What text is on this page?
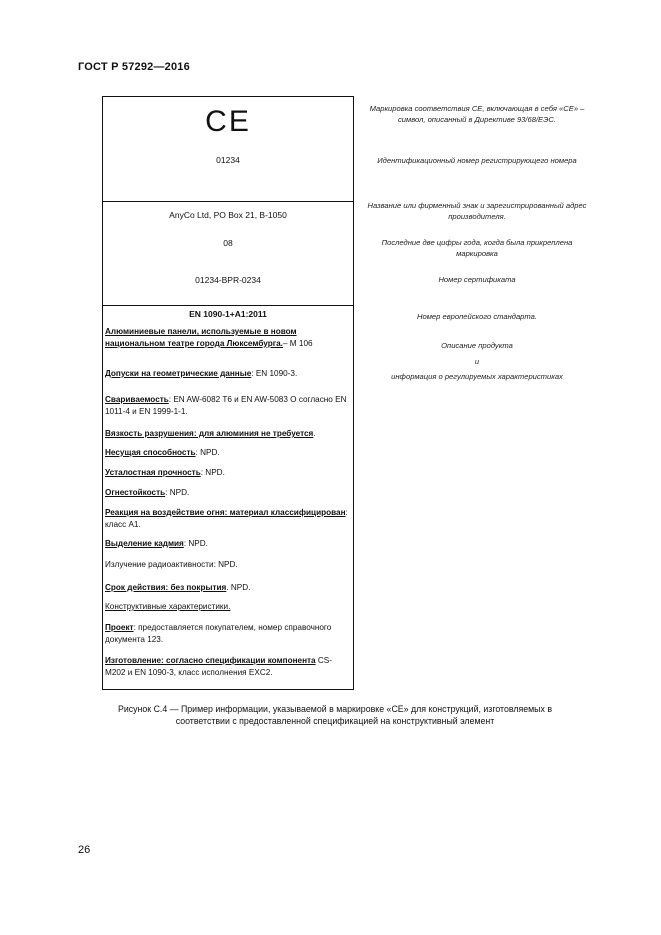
ГОСТ Р 57292—2016
CE
01234
AnyCo Ltd, PO Box 21, B-1050
08
01234-BPR-0234
EN 1090-1+A1:2011
Алюминиевые панели, используемые в новом национальном театре города Люксембурга.– M 106
Допуски на геометрические данные: EN 1090-3.
Свариваемость: EN AW-6082 T6 и EN AW-5083 O согласно EN 1011-4 и EN 1999-1-1.
Вязкость разрушения: для алюминия не требуется.
Несущая способность: NPD.
Усталостная прочность: NPD.
Огнестойкость: NPD.
Реакция на воздействие огня: материал классифицирован: класс А1.
Выделение кадмия: NPD.
Излучение радиоактивности: NPD.
Срок действия: без покрытия. NPD.
Конструктивные характеристики.
Проект: предоставляется покупателем, номер справочного документа 123.
Изготовление: согласно спецификации компонента CS-M202 и EN 1090-3, класс исполнения EXC2.
Маркировка соответствия СЕ, включающая в себя «СЕ» – символ, описанный в Директиве 93/68/ЕЭС.
Идентификационный номер регистрирующего номера
Название или фирменный знак и зарегистрированный адрес производителя.
Последние две цифры года, когда была прикреплена маркировка
Номер сертификата
Номер европейского стандарта.
Описание продукта
и
информация о регулируемых характеристиках
Рисунок С.4 — Пример информации, указываемой в маркировке «СЕ» для конструкций, изготовляемых в соответствии с предоставленной спецификацией на конструктивный элемент
26
